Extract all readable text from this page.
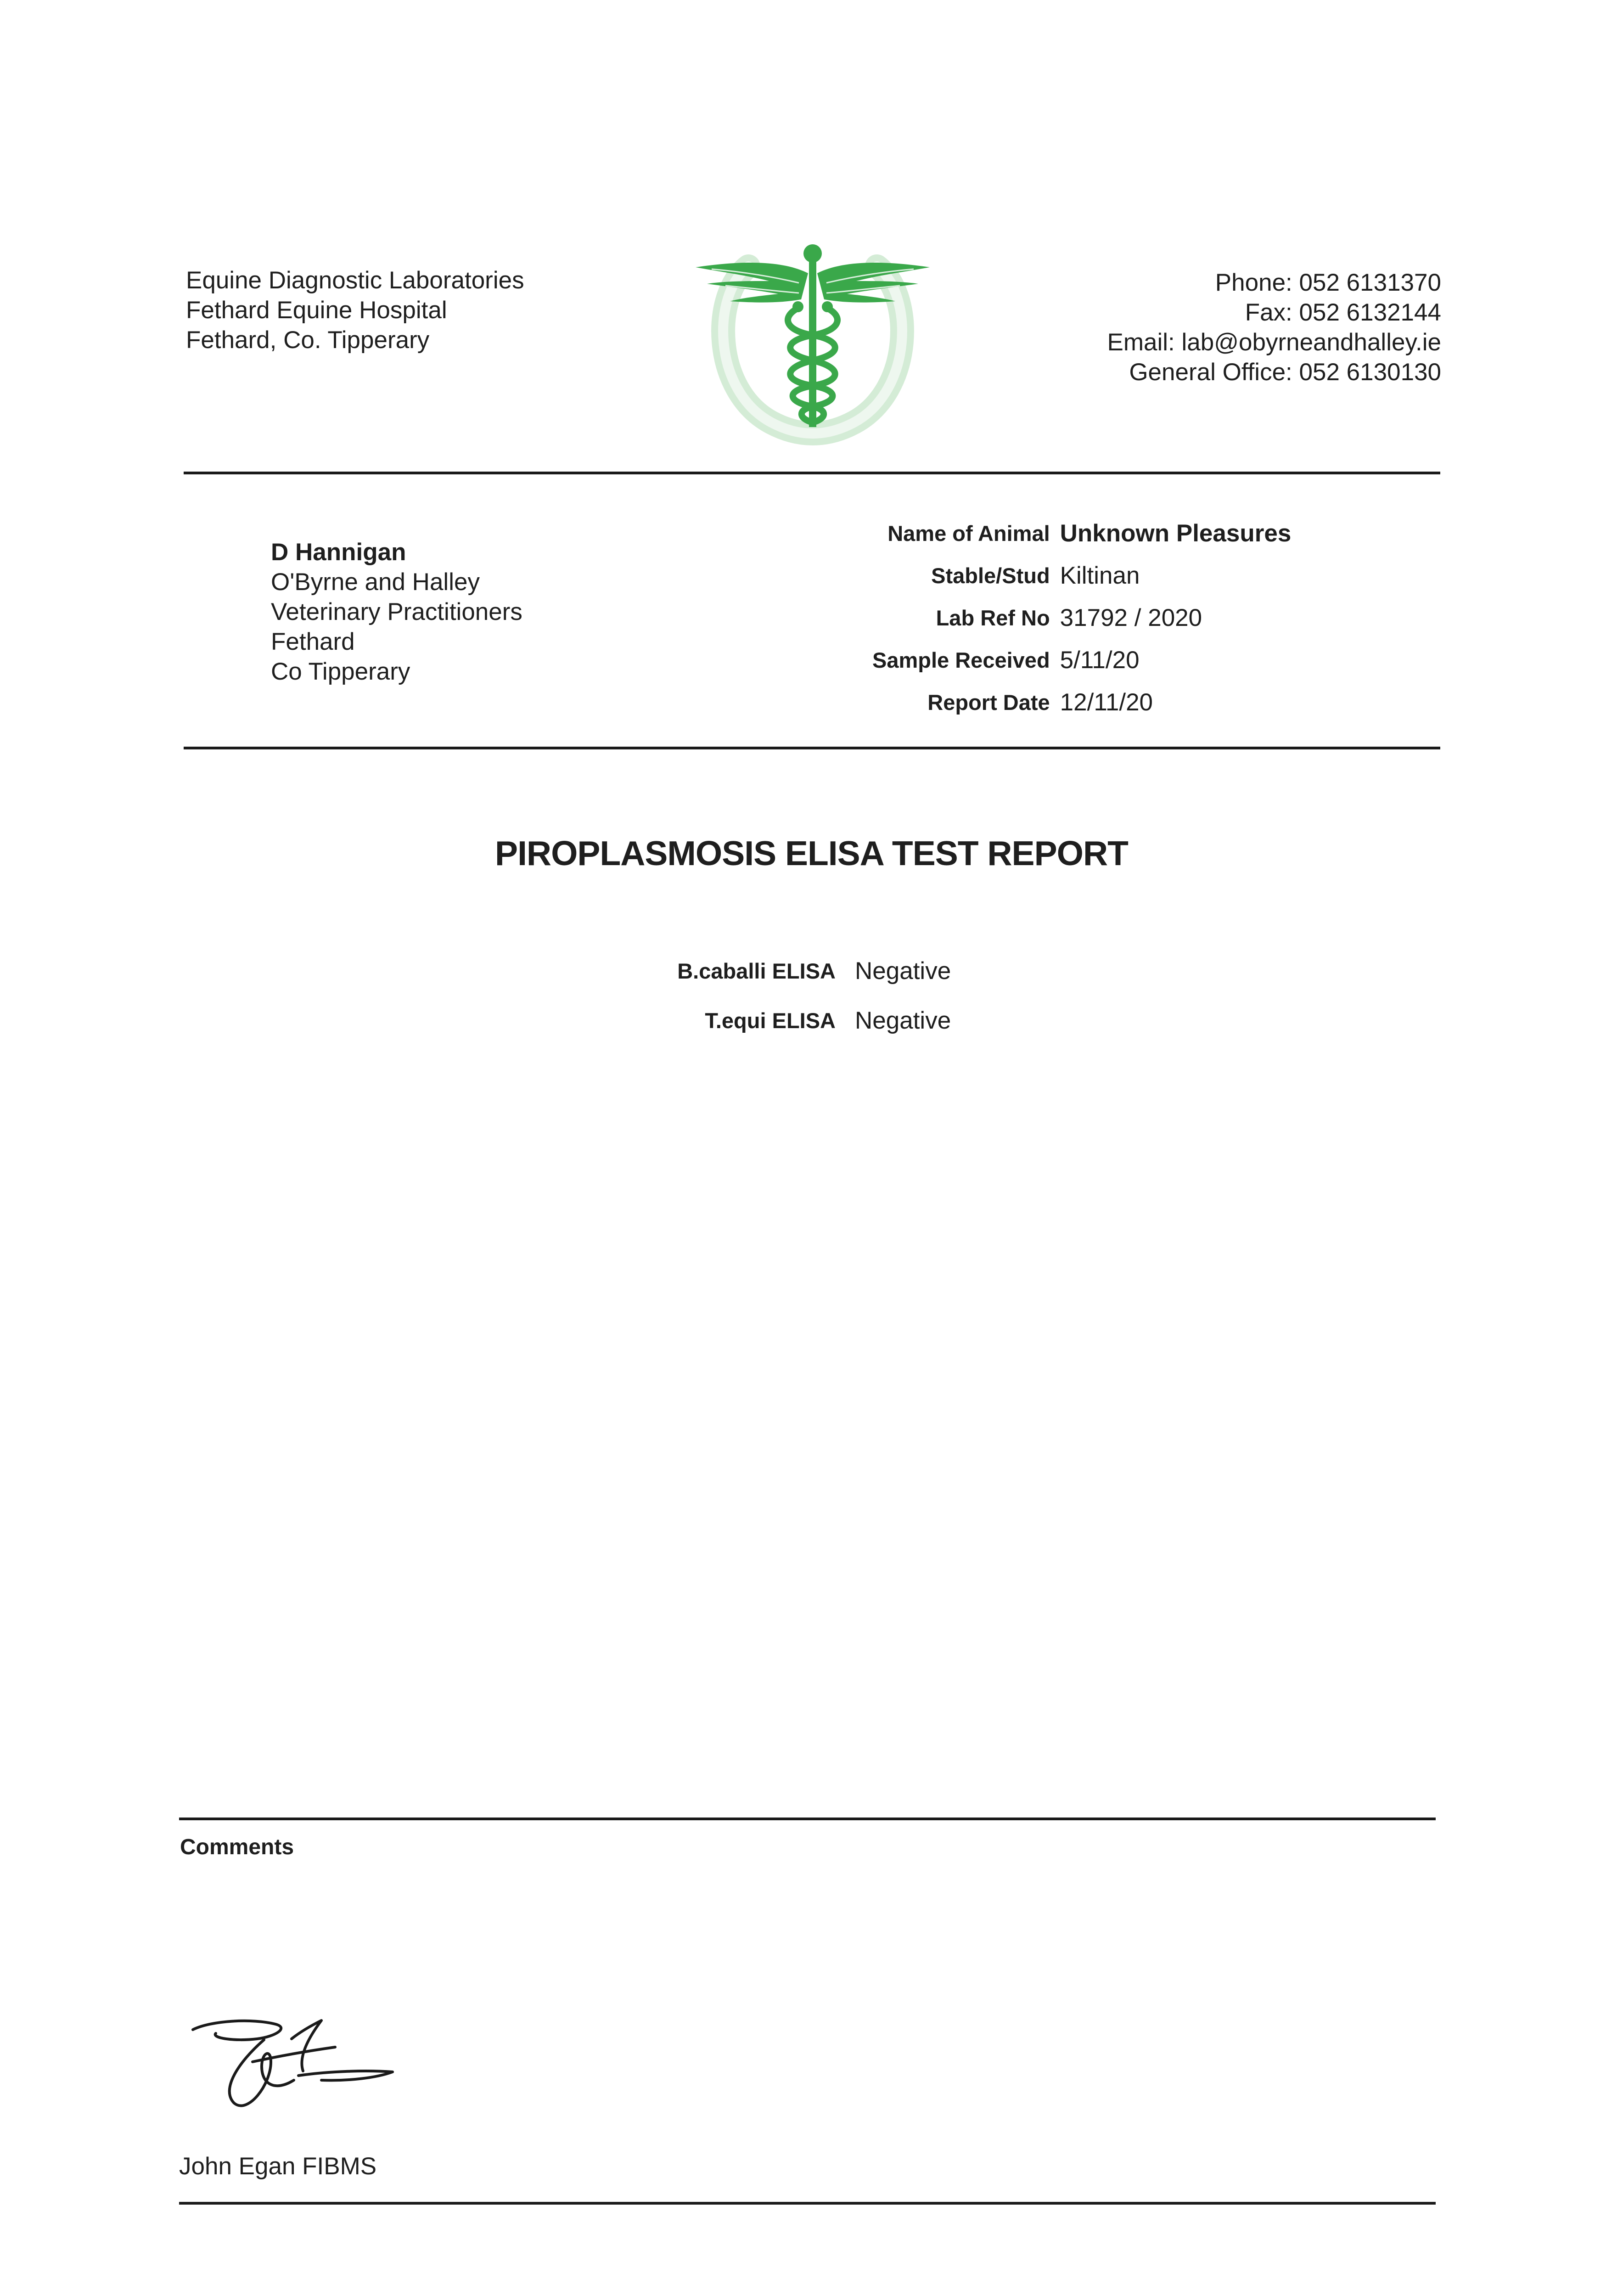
Equine Diagnostic Laboratories
Fethard Equine Hospital
Fethard, Co. Tipperary
Phone: 052 6131370
Fax: 052 6132144
Email: lab@obyrneandhalley.ie
General Office: 052 6130130
D Hannigan
O'Byrne and Halley
Veterinary Practitioners
Fethard
Co Tipperary
Name of Animal	Unknown Pleasures
Stable/Stud	Kiltinan
Lab Ref No	31792 / 2020
Sample Received	5/11/20
Report Date	12/11/20
PIROPLASMOSIS ELISA TEST REPORT
B.caballi ELISA	Negative
T.equi ELISA	Negative
Comments
John Egan FIBMS
